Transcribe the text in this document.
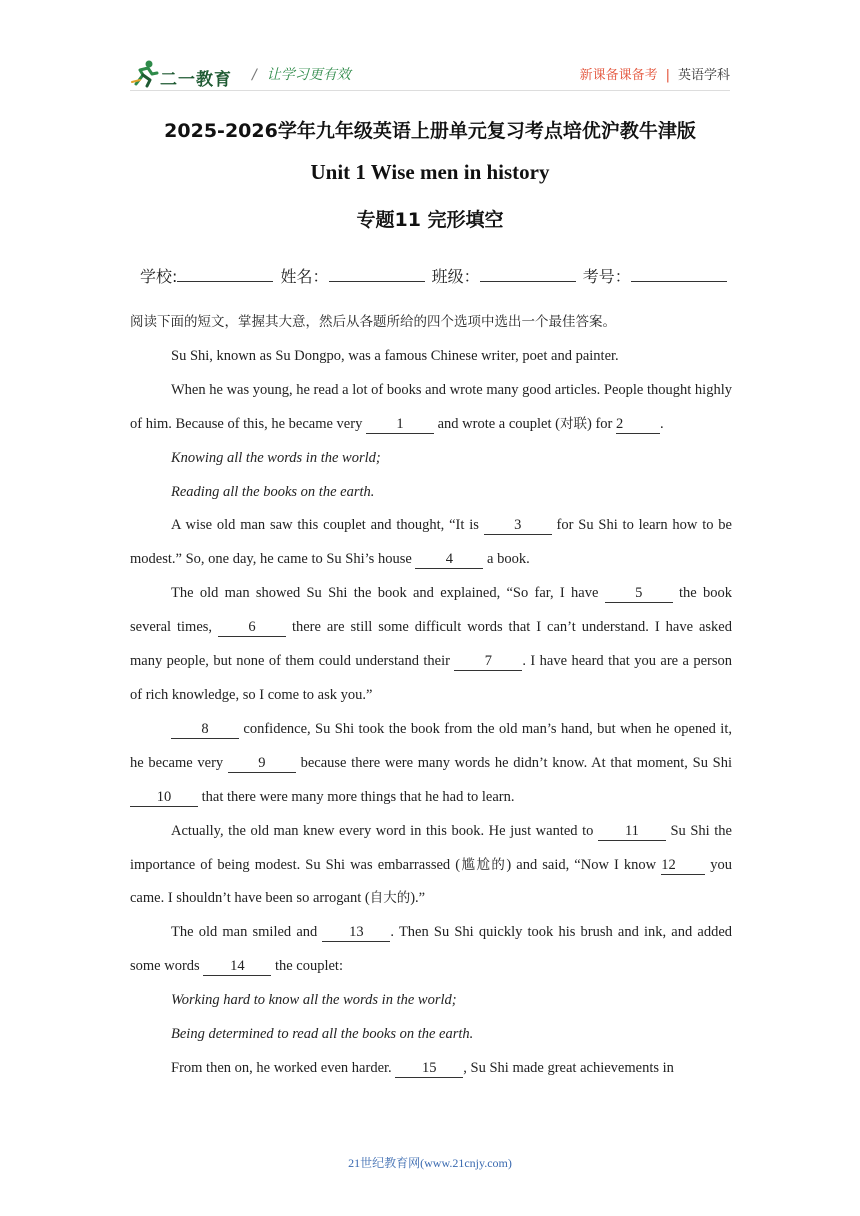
二一教育 / 让学习更有效	新课备课备考 | 英语学科
2025-2026学年九年级英语上册单元复习考点培优沪教牛津版
Unit 1 Wise men in history
专题11 完形填空
学校:	姓名：	班级：	考号：

阅读下面的短文，掌握其大意，然后从各题所给的四个选项中选出一个最佳答案。

Su Shi, known as Su Dongpo, was a famous Chinese writer, poet and painter.

When he was young, he read a lot of books and wrote many good articles. People thought highly of him. Because of this, he became very 1 and wrote a couplet (对联) for 2	.

Knowing all the words in the world;

Reading all the books on the earth.

A wise old man saw this couplet and thought, “It is 3 for Su Shi to learn how to be modest.” So, one day, he came to Su Shi’s house 4 a book.

The old man showed Su Shi the book and explained, “So far, I have 5 the book several times, 6 there are still some difficult words that I can’t understand. I have asked many people, but none of them could understand their 7 . I have heard that you are a person of rich knowledge, so I come to ask you.”

8 confidence, Su Shi took the book from the old man’s hand, but when he opened it, he became very 9 because there were many words he didn’t know. At that moment, Su Shi 10 that there were many more things that he had to learn.

Actually, the old man knew every word in this book. He just wanted to 11 Su Shi the importance of being modest. Su Shi was embarrassed (尴尬的) and said, “Now I know 12 you came. I shouldn’t have been so arrogant (自大的).”

The old man smiled and 13 . Then Su Shi quickly took his brush and ink, and added some words 14 the couplet:

Working hard to know all the words in the world;

Being determined to read all the books on the earth.

From then on, he worked even harder. 15 , Su Shi made great achievements in

21世纪教育网(www.21cnjy.com)
